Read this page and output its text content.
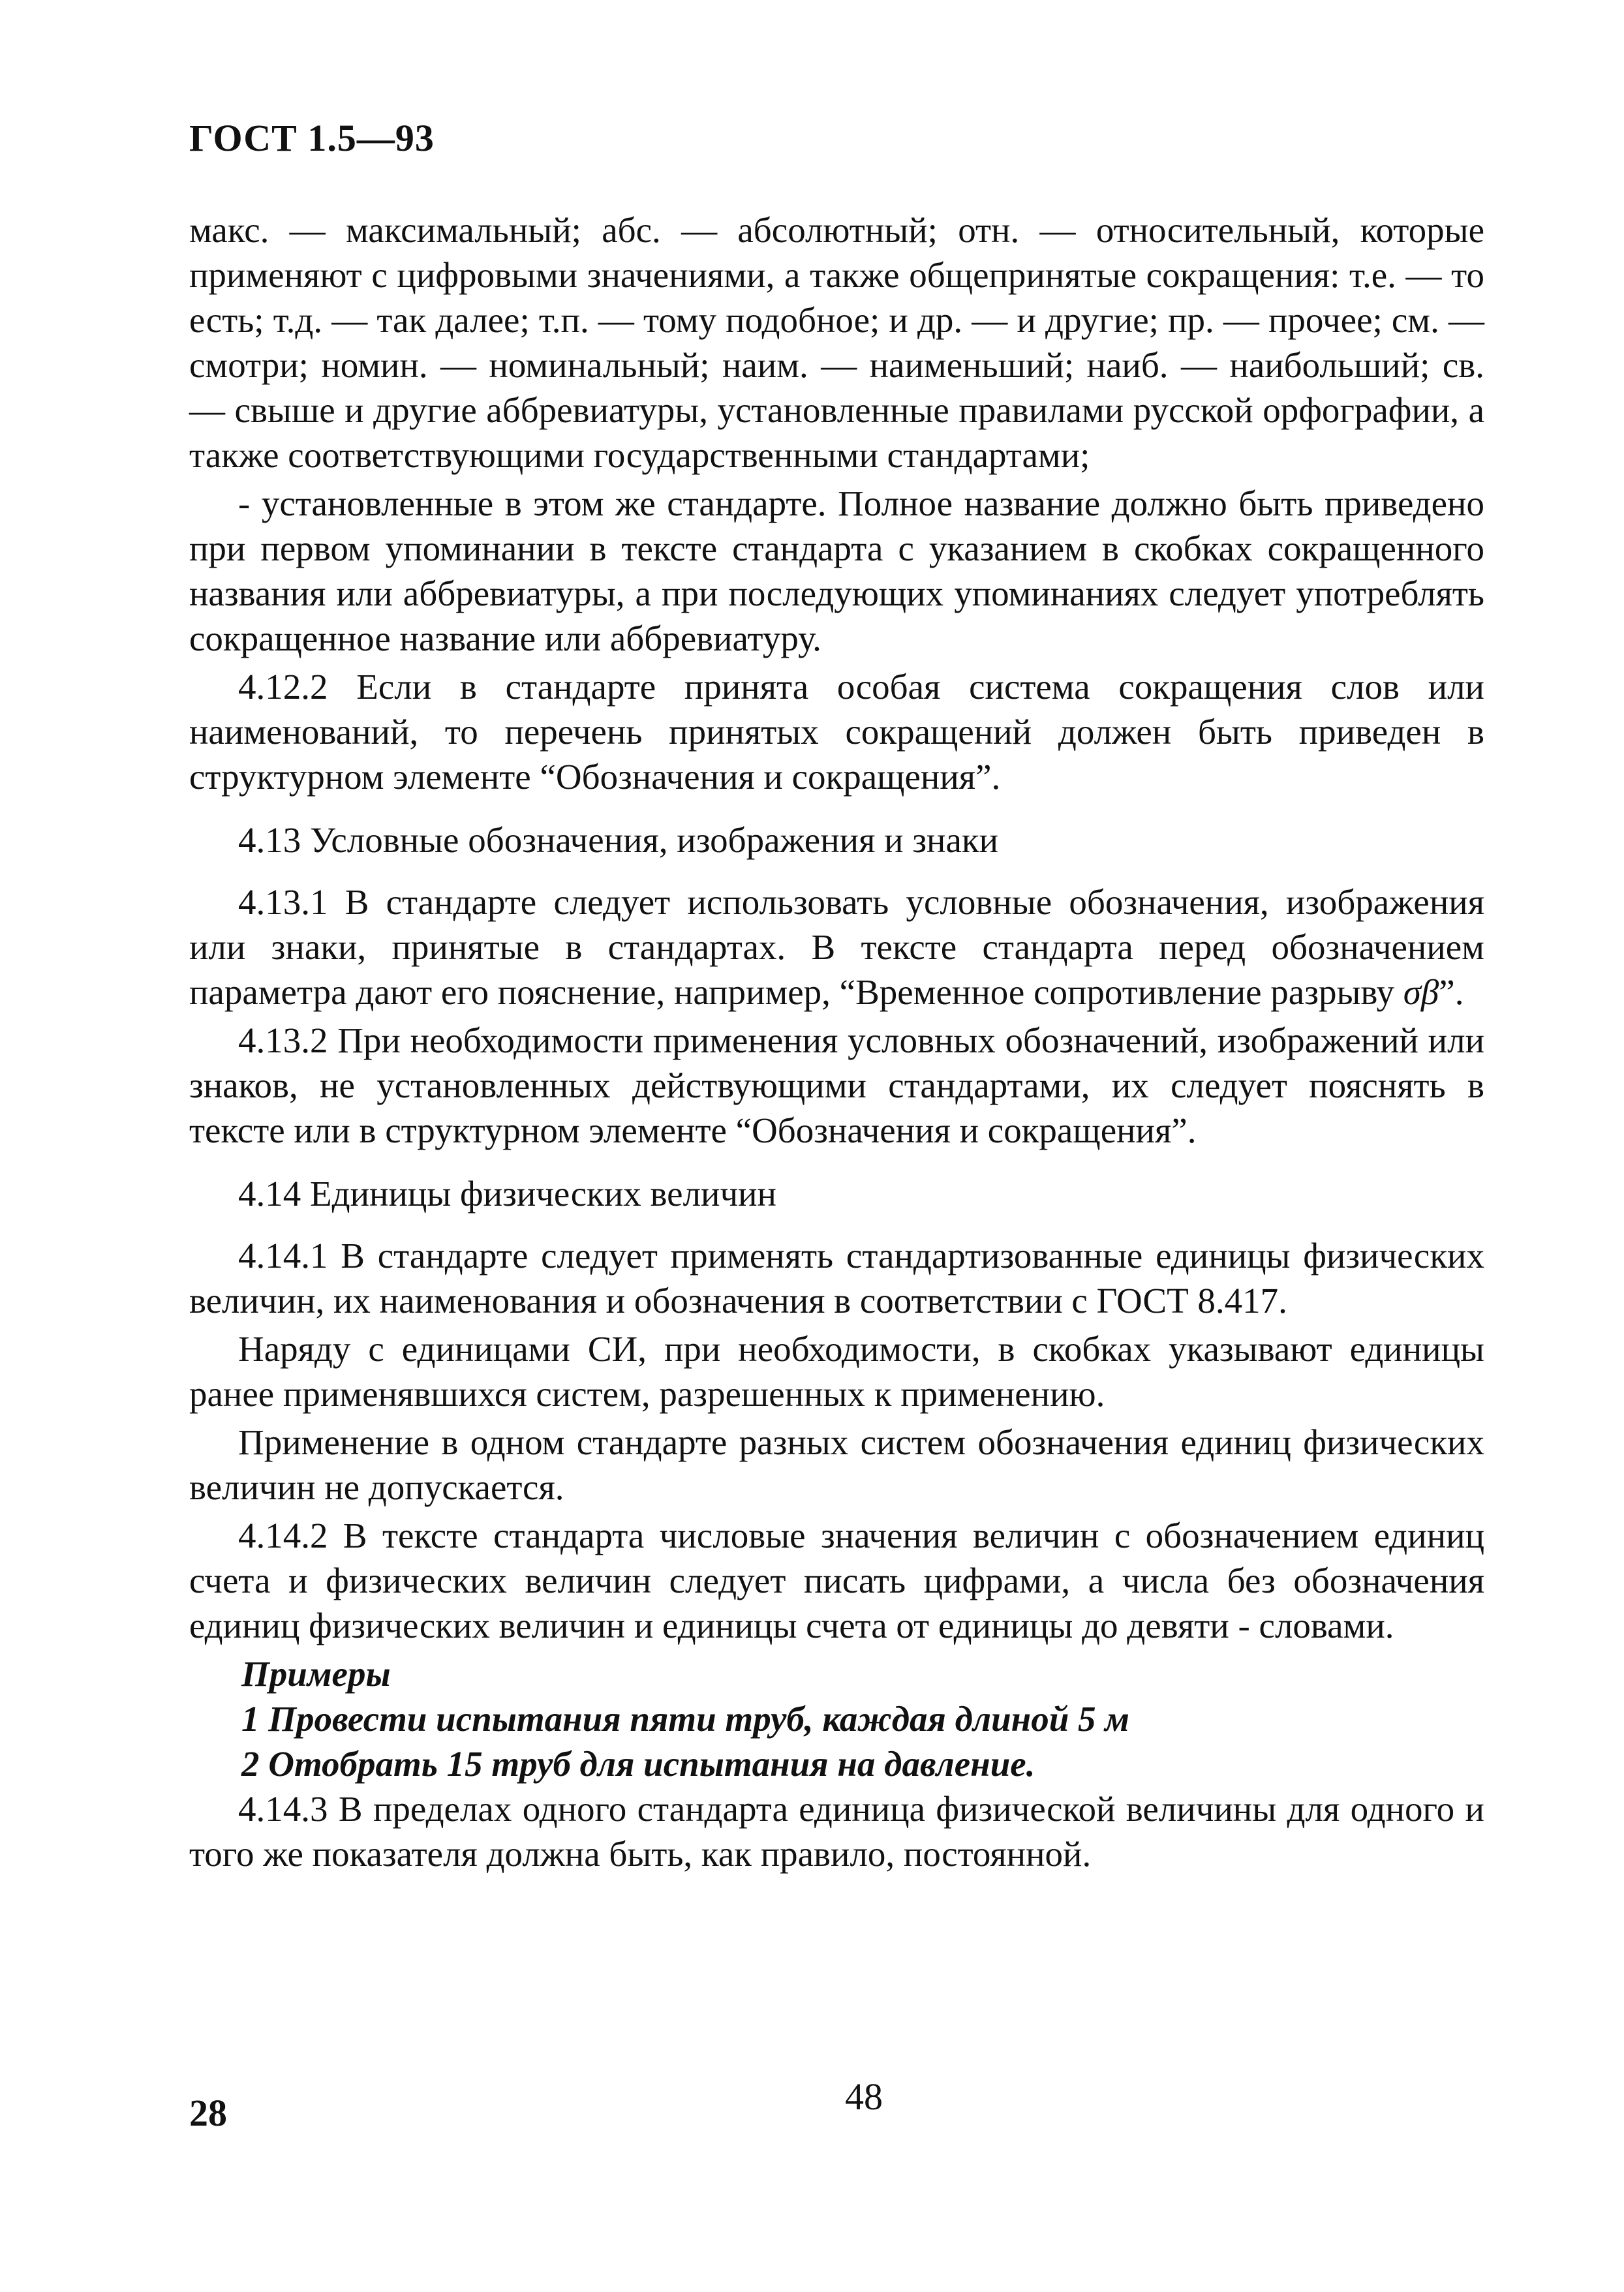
ГОСТ 1.5—93

макс. — максимальный; абс. — абсолютный; отн. — относительный, которые применяют с цифровыми значениями, а также общепринятые сокращения: т.е. — то есть; т.д. — так далее; т.п. — тому подобное; и др. — и другие; пр. — прочее; см. — смотри; номин. — номинальный; наим. — наименьший; наиб. — наибольший; св. — свыше и другие аббревиатуры, установленные правилами русской орфографии, а также соответствующими государственными стандартами;

- установленные в этом же стандарте. Полное название должно быть приведено при первом упоминании в тексте стандарта с указанием в скобках сокращенного названия или аббревиатуры, а при последующих упоминаниях следует употреблять сокращенное название или аббревиатуру.

4.12.2 Если в стандарте принята особая система сокращения слов или наименований, то перечень принятых сокращений должен быть приведен в структурном элементе “Обозначения и сокращения”.

4.13 Условные обозначения, изображения и знаки

4.13.1 В стандарте следует использовать условные обозначения, изображения или знаки, принятые в стандартах. В тексте стандарта перед обозначением параметра дают его пояснение, например, “Временное сопротивление разрыву σβ”.

4.13.2 При необходимости применения условных обозначений, изображений или знаков, не установленных действующими стандартами, их следует пояснять в тексте или в структурном элементе “Обозначения и сокращения”.

4.14 Единицы физических величин

4.14.1 В стандарте следует применять стандартизованные единицы физических величин, их наименования и обозначения в соответствии с ГОСТ 8.417.

Наряду с единицами СИ, при необходимости, в скобках указывают единицы ранее применявшихся систем, разрешенных к применению.

Применение в одном стандарте разных систем обозначения единиц физических величин не допускается.

4.14.2 В тексте стандарта числовые значения величин с обозначением единиц счета и физических величин следует писать цифрами, а числа без обозначения единиц физических величин и единицы счета от единицы до девяти - словами.

Примеры

1 Провести испытания пяти труб, каждая длиной 5 м

2 Отобрать 15 труб для испытания на давление.

4.14.3 В пределах одного стандарта единица физической величины для одного и того же показателя должна быть, как правило, постоянной.

28	48
